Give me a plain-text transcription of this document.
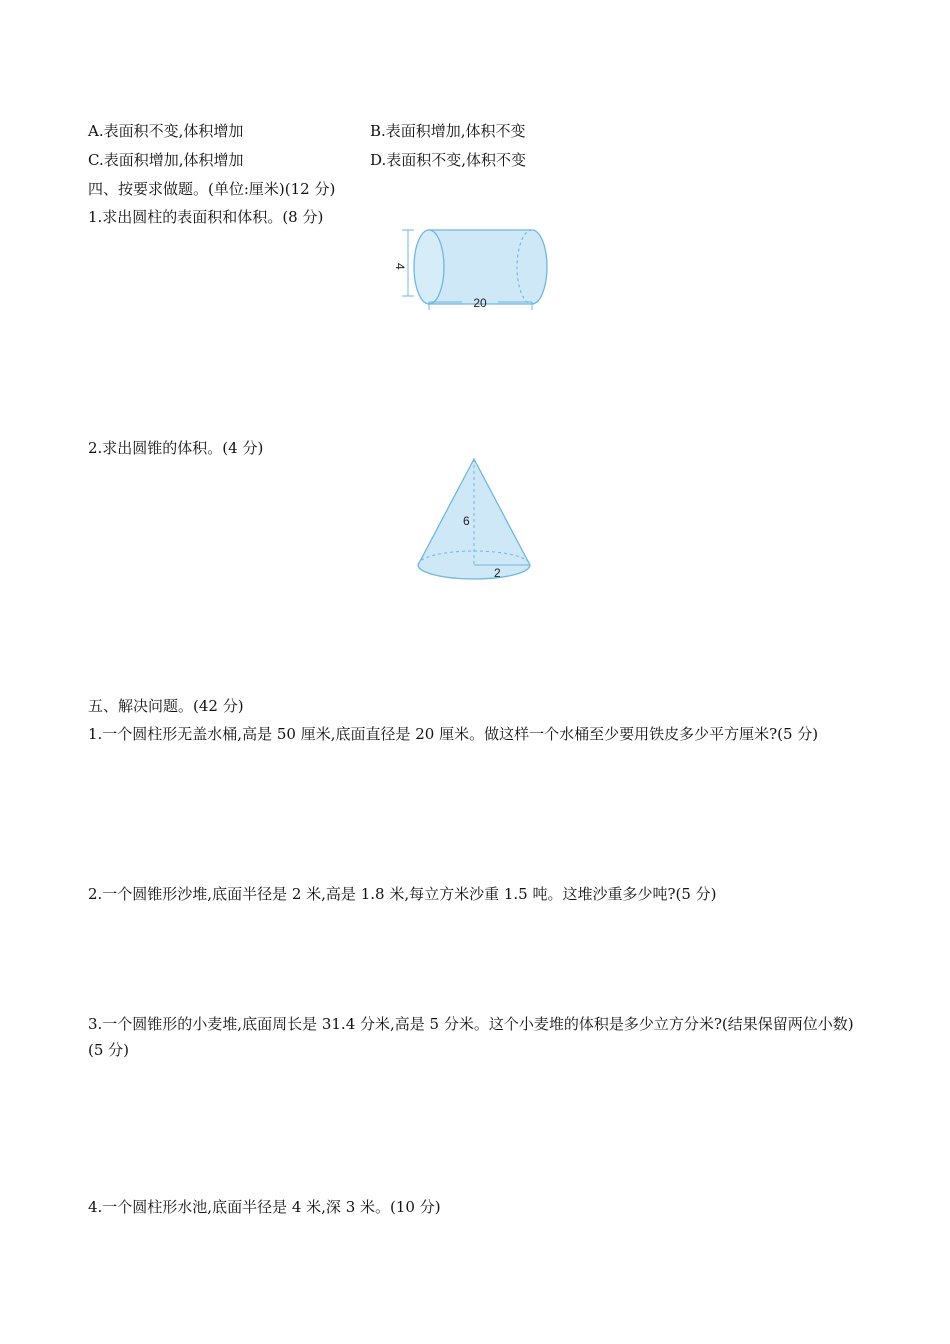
A.表面积不变,体积增加	B.表面积增加,体积不变
C.表面积增加,体积增加	D.表面积不变,体积不变
四、按要求做题。(单位:厘米)(12 分)
1.求出圆柱的表面积和体积。(8 分)
4
20
2.求出圆锥的体积。(4 分)
6
2
五、解决问题。(42 分)
1.一个圆柱形无盖水桶,高是 50 厘米,底面直径是 20 厘米。做这样一个水桶至少要用铁皮多少平方厘米?(5 分)
2.一个圆锥形沙堆,底面半径是 2 米,高是 1.8 米,每立方米沙重 1.5 吨。这堆沙重多少吨?(5 分)
3.一个圆锥形的小麦堆,底面周长是 31.4 分米,高是 5 分米。这个小麦堆的体积是多少立方分米?(结果保留两位小数)(5 分)
4.一个圆柱形水池,底面半径是 4 米,深 3 米。(10 分)
